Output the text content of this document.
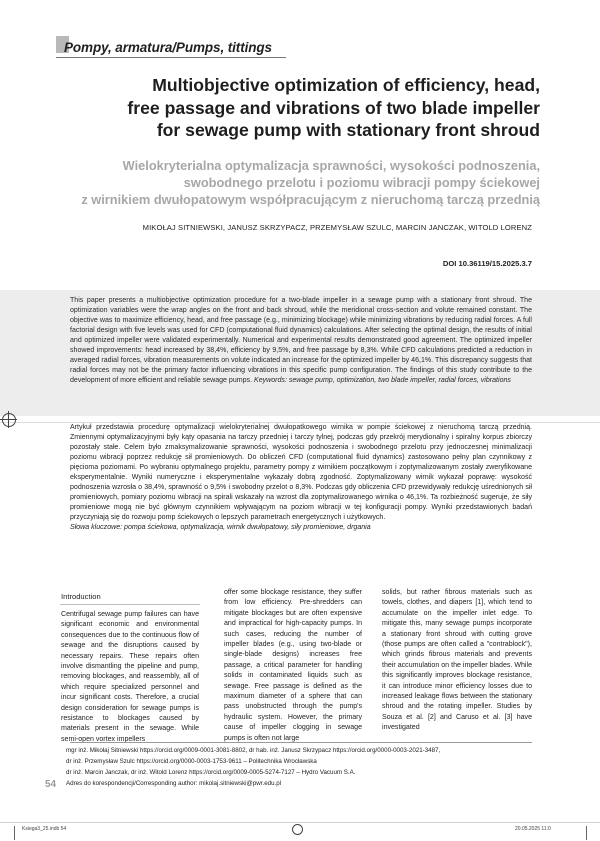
Pompy, armatura/Pumps, tittings
Multiobjective optimization of efficiency, head,
free passage and vibrations of two blade impeller
for sewage pump with stationary front shroud
Wielokryterialna optymalizacja sprawności, wysokości podnoszenia,
swobodnego przelotu i poziomu wibracji pompy ściekowej
z wirnikiem dwułopatowym współpracującym z nieruchomą tarczą przednią
MIKOŁAJ SITNIEWSKI, JANUSZ SKRZYPACZ, PRZEMYSŁAW SZULC, MARCIN JANCZAK, WITOLD LORENZ
DOI 10.36119/15.2025.3.7
This paper presents a multiobjective optimization procedure for a two-blade impeller in a sewage pump with a stationary front shroud. The optimization variables were the wrap angles on the front and back shroud, while the meridional cross-section and volute remained constant. The objective was to maximize efficiency, head, and free passage (e.g., minimizing blockage) while minimizing vibrations by reducing radial forces. A full factorial design with five levels was used for CFD (computational fluid dynamics) calculations. After selecting the optimal design, the results of initial and optimized impeller were validated experimentally. Numerical and experimental results demonstrated good agreement. The optimized impeller showed improvements: head increased by 38,4%, efficiency by 9,5%, and free passage by 8,3%. While CFD calculations predicted a reduction in averaged radial forces, vibration measurements on volute indicated an increase for the optimized impeller by 46,1%. This discrepancy suggests that radial forces may not be the primary factor influencing vibrations in this specific pump configuration. The findings of this study contribute to the development of more efficient and reliable sewage pumps. Keywords: sewage pump, optimization, two blade impeller, radial forces, vibrations
Artykuł przedstawia procedurę optymalizacji wielokryterialnej dwułopatkowego wirnika w pompie ściekowej z nieruchomą tarczą przednią. Zmiennymi optymalizacyjnymi były kąty opasania na tarczy przedniej i tarczy tylnej, podczas gdy przekrój merydionalny i spiralny korpus zbiorczy pozostały stałe. Celem było zmaksymalizowanie sprawności, wysokości podnoszenia i swobodnego przelotu przy jednoczesnej minimalizacji poziomu wibracji poprzez redukcję sił promieniowych. Do obliczeń CFD (computational fluid dynamics) zastosowano pełny plan czynnikowy z pięcioma poziomami. Po wybraniu optymalnego projektu, parametry pompy z wirnikiem początkowym i zoptymalizowanym zostały zweryfikowane eksperymentalnie. Wyniki numeryczne i eksperymentalne wykazały dobrą zgodność. Zoptymalizowany wirnik wykazał poprawę: wysokość podnoszenia wzrosła o 38,4%, sprawność o 9,5% i swobodny przelot o 8,3%. Podczas gdy obliczenia CFD przewidywały redukcję uśrednionych sił promieniowych, pomiary poziomu wibracji na spirali wskazały na wzrost dla zoptymalizowanego wirnika o 46,1%. Ta rozbieżność sugeruje, że siły promieniowe mogą nie być głównym czynnikiem wpływającym na poziom wibracji w tej konfiguracji pompy. Wyniki przedstawionych badań przyczyniają się do rozwoju pomp ściekowych o lepszych parametrach energetycznych i użytkowych.
Słowa kluczowe: pompa ściekowa, optymalizacja, wirnik dwułopatowy, siły promieniowe, drgania
Introduction
Centrifugal sewage pump failures can have significant economic and environmental consequences due to the continuous flow of sewage and the disruptions caused by necessary repairs. These repairs often involve dismantling the pipeline and pump, removing blockages, and reassembly, all of which require specialized personnel and incur significant costs. Therefore, a crucial design consideration for sewage pumps is resistance to blockages caused by materials present in the sewage. While semi-open vortex impellers
offer some blockage resistance, they suffer from low efficiency. Pre-shredders can mitigate blockages but are often expensive and impractical for high-capacity pumps. In such cases, reducing the number of impeller blades (e.g., using two-blade or single-blade designs) increases free passage, a critical parameter for handling solids in contaminated liquids such as sewage. Free passage is defined as the maximum diameter of a sphere that can pass unobstructed through the pump's hydraulic system. However, the primary cause of impeller clogging in sewage pumps is often not large
solids, but rather fibrous materials such as towels, clothes, and diapers [1], which tend to accumulate on the impeller inlet edge. To mitigate this, many sewage pumps incorporate a stationary front shroud with cutting grove (those pumps are often called a "contrablock"), which grinds fibrous materials and prevents their accumulation on the impeller blades. While this significantly improves blockage resistance, it can introduce minor efficiency losses due to increased leakage flows between the stationary shroud and the rotating impeller. Studies by Souza et al. [2] and Caruso et al. [3] have investigated
mgr inż. Mikołaj Sitniewski https://orcid.org/0009-0001-3081-8802, dr hab. inż. Janusz Skrzypacz https://orcid.org/0000-0003-2021-3487,
dr inż. Przemysław Szulc https://orcid.org/0000-0003-1753-9611 – Politechnika Wrocławska
dr inż. Marcin Janczak, dr inż. Witold Lorenz https://orcid.org/0009-0005-5274-7127 – Hydro Vacuum S.A.
Adres do korespondencji/Corresponding author: mikolaj.sitniewski@pwr.edu.pl
54
Ksiega3_25.indb 54	20.05.2025 11:0
